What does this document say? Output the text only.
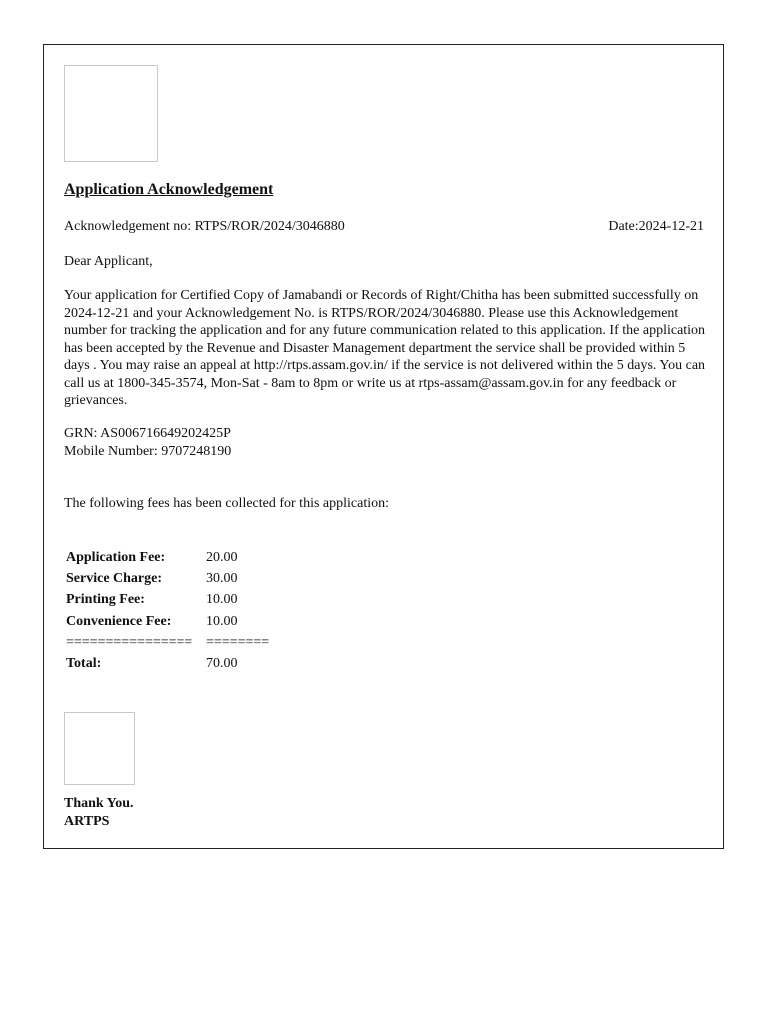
Application Acknowledgement
Acknowledgement no: RTPS/ROR/2024/3046880	Date:2024-12-21
Dear Applicant,
Your application for Certified Copy of Jamabandi or Records of Right/Chitha has been submitted successfully on 2024-12-21 and your Acknowledgement No. is RTPS/ROR/2024/3046880. Please use this Acknowledgement number for tracking the application and for any future communication related to this application. If the application has been accepted by the Revenue and Disaster Management department the service shall be provided within 5 days . You may raise an appeal at http://rtps.assam.gov.in/ if the service is not delivered within the 5 days. You can call us at 1800-345-3574, Mon-Sat - 8am to 8pm or write us at rtps-assam@assam.gov.in for any feedback or grievances.
GRN: AS006716649202425P
Mobile Number: 9707248190
The following fees has been collected for this application:
Application Fee:	20.00
Service Charge:	30.00
Printing Fee:	10.00
Convenience Fee:	10.00
================	========
Total:	70.00
Thank You.
ARTPS
